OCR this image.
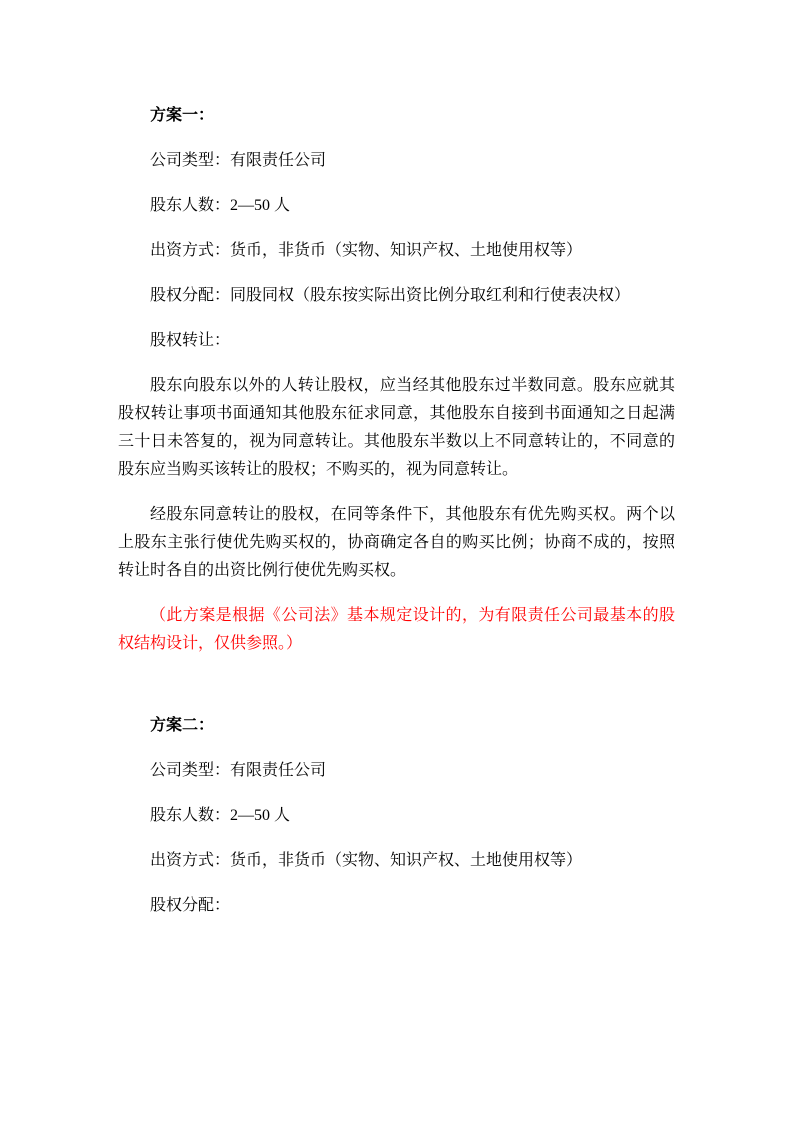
方案一：

公司类型：有限责任公司

股东人数：2—50 人

出资方式：货币，非货币（实物、知识产权、土地使用权等）

股权分配：同股同权（股东按实际出资比例分取红利和行使表决权）

股权转让：

股东向股东以外的人转让股权，应当经其他股东过半数同意。股东应就其股权转让事项书面通知其他股东征求同意，其他股东自接到书面通知之日起满三十日未答复的，视为同意转让。其他股东半数以上不同意转让的，不同意的股东应当购买该转让的股权；不购买的，视为同意转让。

经股东同意转让的股权，在同等条件下，其他股东有优先购买权。两个以上股东主张行使优先购买权的，协商确定各自的购买比例；协商不成的，按照转让时各自的出资比例行使优先购买权。

（此方案是根据《公司法》基本规定设计的，为有限责任公司最基本的股权结构设计，仅供参照。）

方案二：

公司类型：有限责任公司

股东人数：2—50 人

出资方式：货币，非货币（实物、知识产权、土地使用权等）

股权分配：
